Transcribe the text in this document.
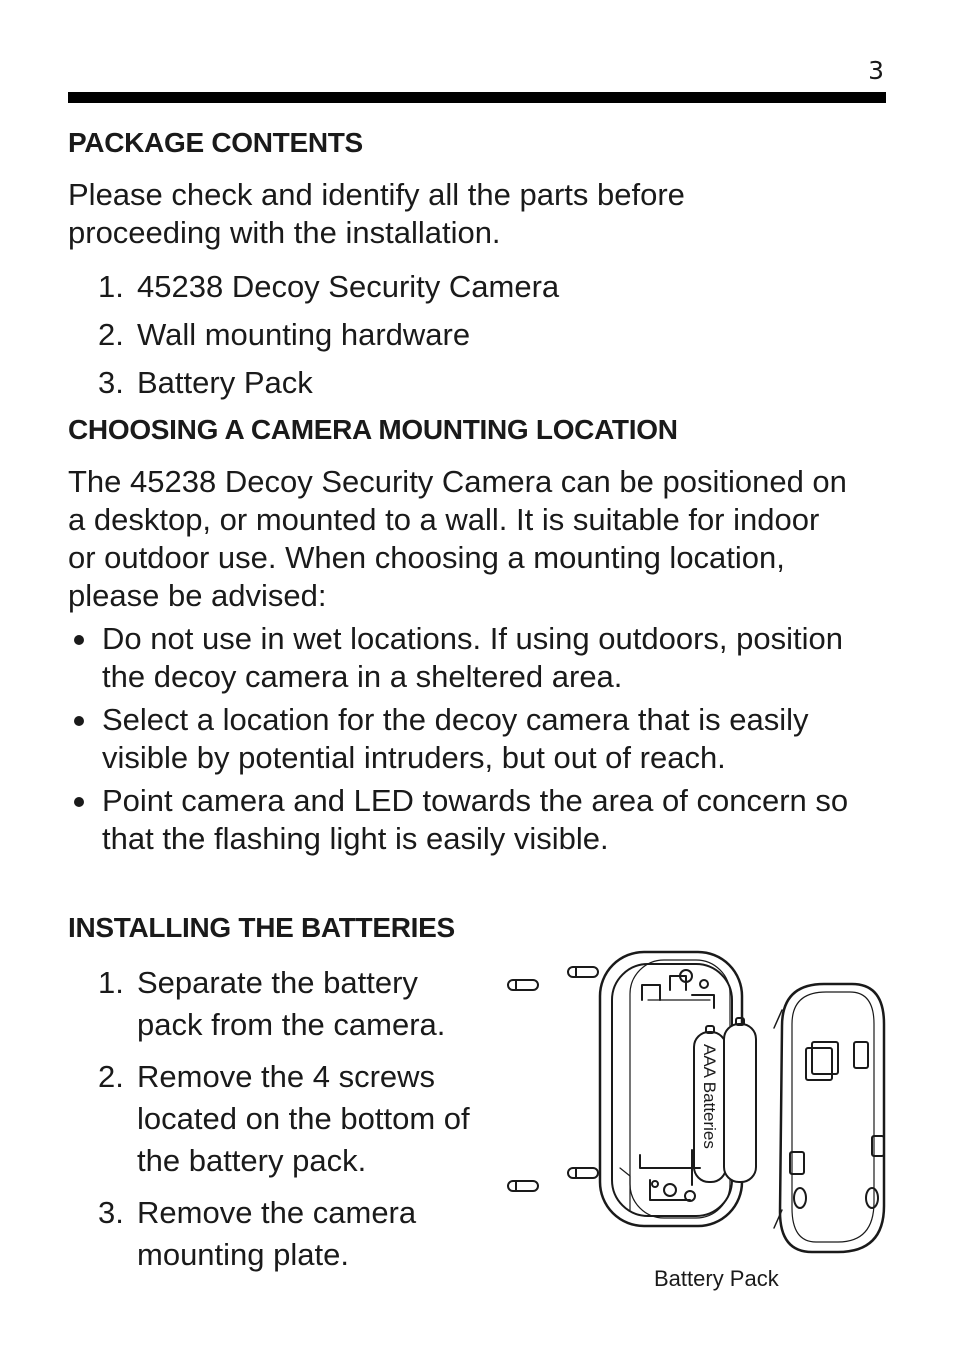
3
PACKAGE CONTENTS
Please check and identify all the parts before
proceeding with the installation.
1. 45238 Decoy Security Camera
2. Wall mounting hardware
3. Battery Pack
CHOOSING A CAMERA MOUNTING LOCATION
The 45238 Decoy Security Camera can be positioned on
a desktop, or mounted to a wall. It is suitable for indoor
or outdoor use. When choosing a mounting location,
please be advised:
Do not use in wet locations. If using outdoors, position
the decoy camera in a sheltered area.
Select a location for the decoy camera that is easily
visible by potential intruders, but out of reach.
Point camera and LED towards the area of concern so
that the flashing light is easily visible.
INSTALLING THE BATTERIES
1. Separate the battery
pack from the camera.
2. Remove the 4 screws
located on the bottom of
the battery pack.
3. Remove the camera
mounting plate.
AAA Batteries
Battery Pack
